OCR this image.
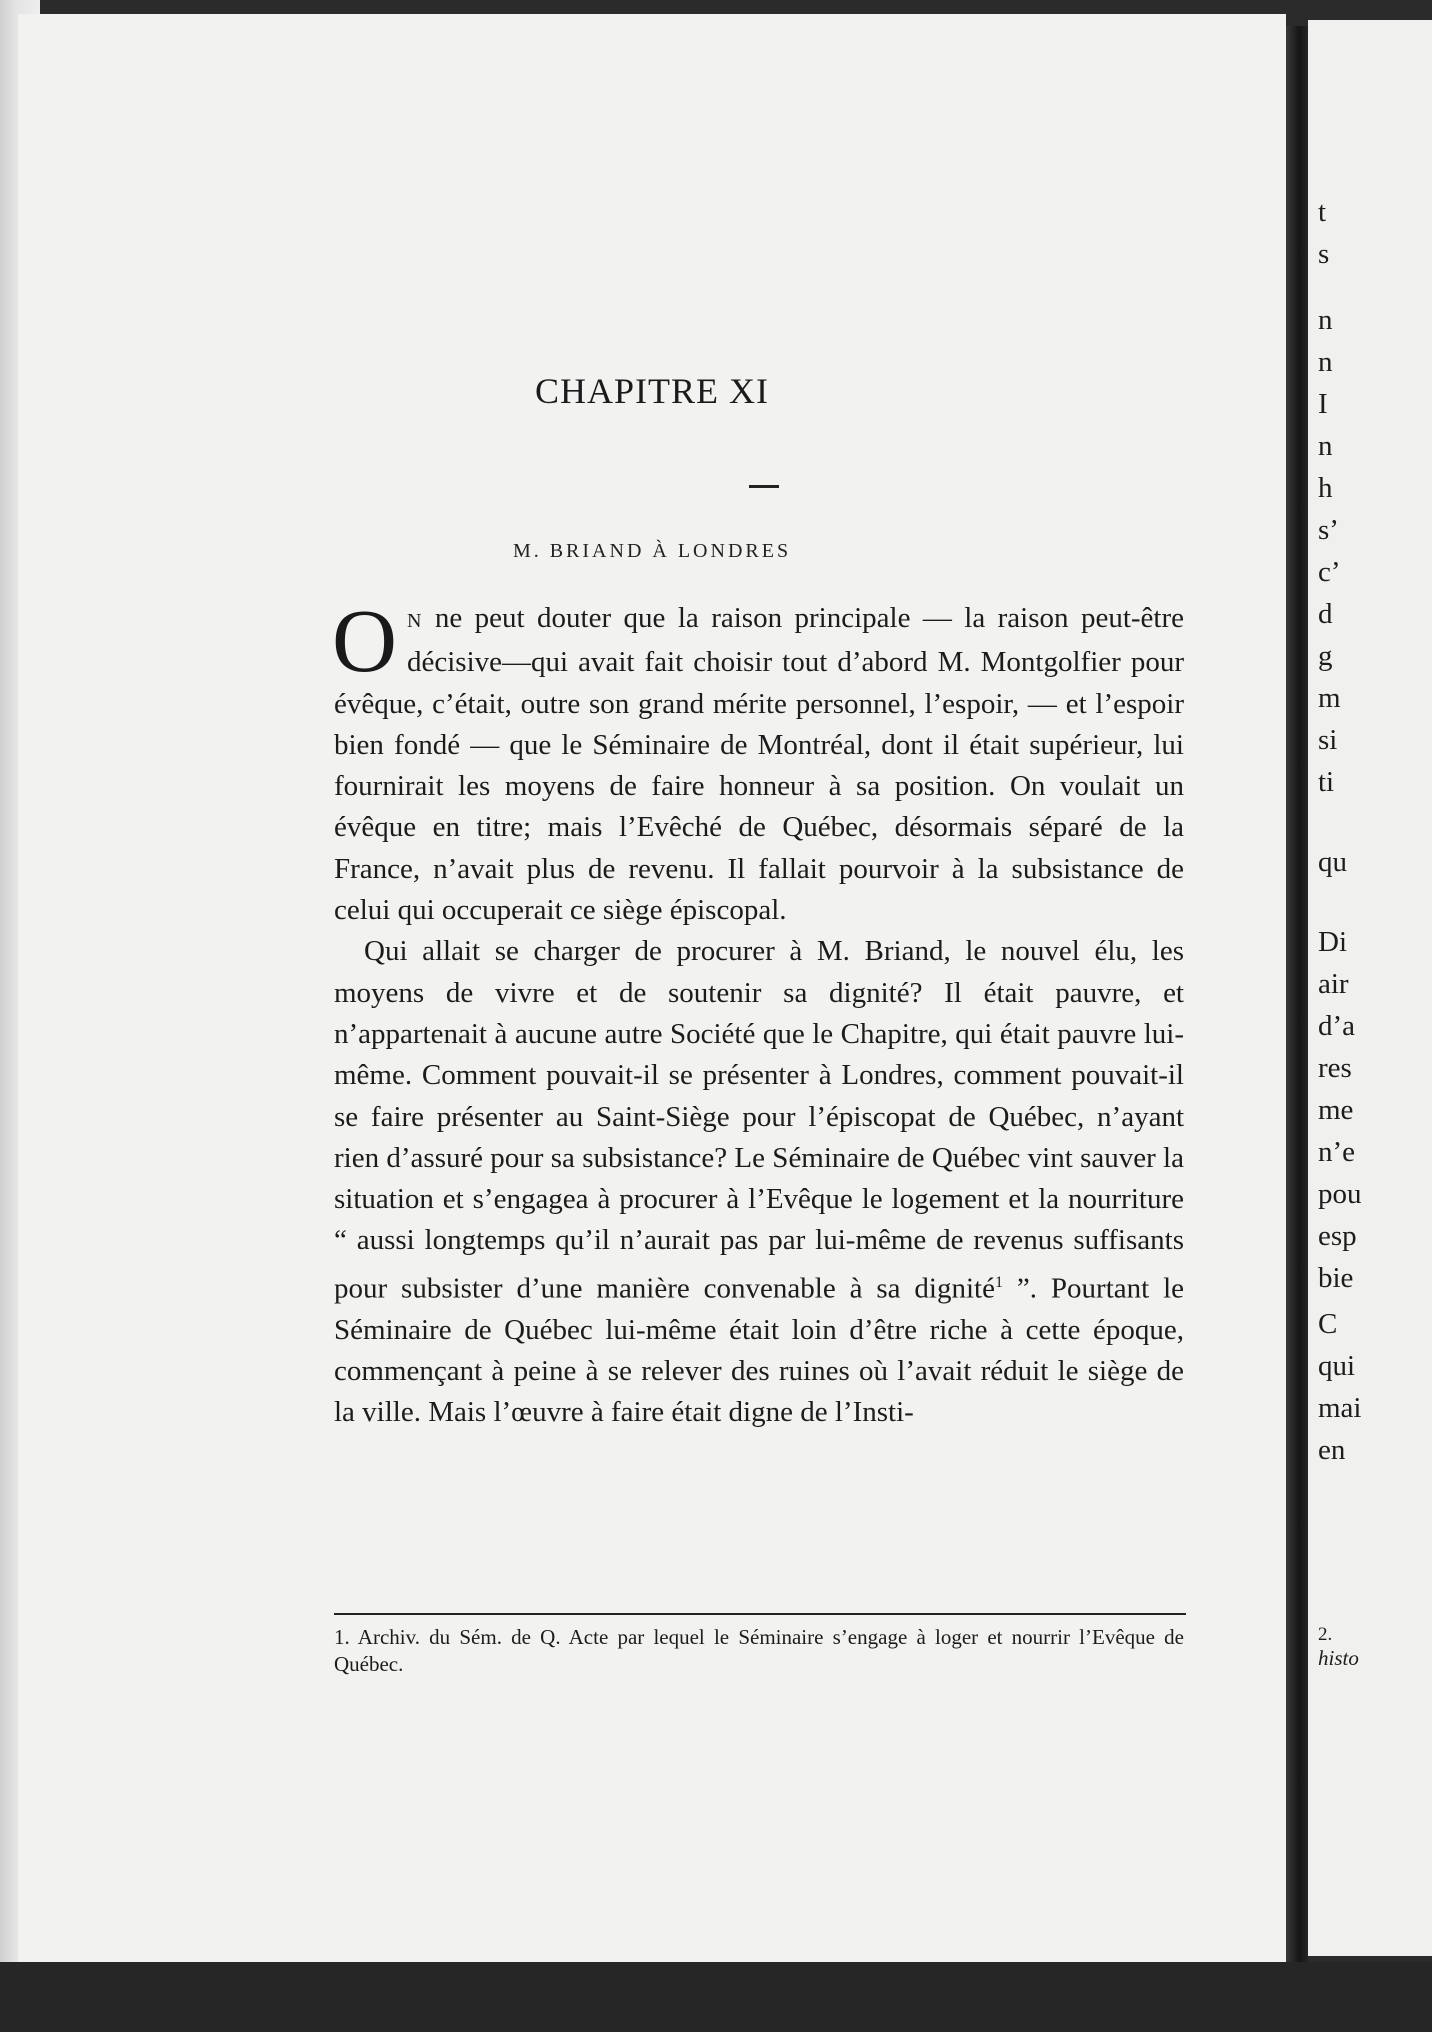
CHAPITRE XI
M. BRIAND À LONDRES

O N ne peut douter que la raison principale — la raison peut-être décisive—qui avait fait choisir tout d’abord M. Montgolfier pour évêque, c’était, outre son grand mérite personnel, l’espoir, — et l’espoir bien fondé — que le Séminaire de Montréal, dont il était supérieur, lui fournirait les moyens de faire honneur à sa position. On voulait un évêque en titre; mais l’Evêché de Québec, désormais séparé de la France, n’avait plus de revenu. Il fallait pourvoir à la subsistance de celui qui occuperait ce siège épiscopal.

Qui allait se charger de procurer à M. Briand, le nouvel élu, les moyens de vivre et de soutenir sa dignité? Il était pauvre, et n’appartenait à aucune autre Société que le Chapitre, qui était pauvre lui-même. Comment pouvait-il se présenter à Londres, comment pouvait-il se faire présenter au Saint-Siège pour l’épiscopat de Québec, n’ayant rien d’assuré pour sa subsistance? Le Séminaire de Québec vint sauver la situation et s’engagea à procurer à l’Evêque le logement et la nourriture “ aussi longtemps qu’il n’aurait pas par lui-même de revenus suffisants pour subsister d’une manière convenable à sa dignité$^1$ ”. Pourtant le Séminaire de Québec lui-même était loin d’être riche à cette époque, commençant à peine à se relever des ruines où l’avait réduit le siège de la ville. Mais l’œuvre à faire était digne de l’Insti-

1. Archiv. du Sém. de Q. Acte par lequel le Séminaire s’engage à loger et nourrir l’Evêque de Québec.
t
s
n
n
I
n
h
s’
c’
d
g
m
si
ti
qu
Di
air
d’a
res
me
n’e
pou
esp
bie
C
qui
mai
en
2.
histo
